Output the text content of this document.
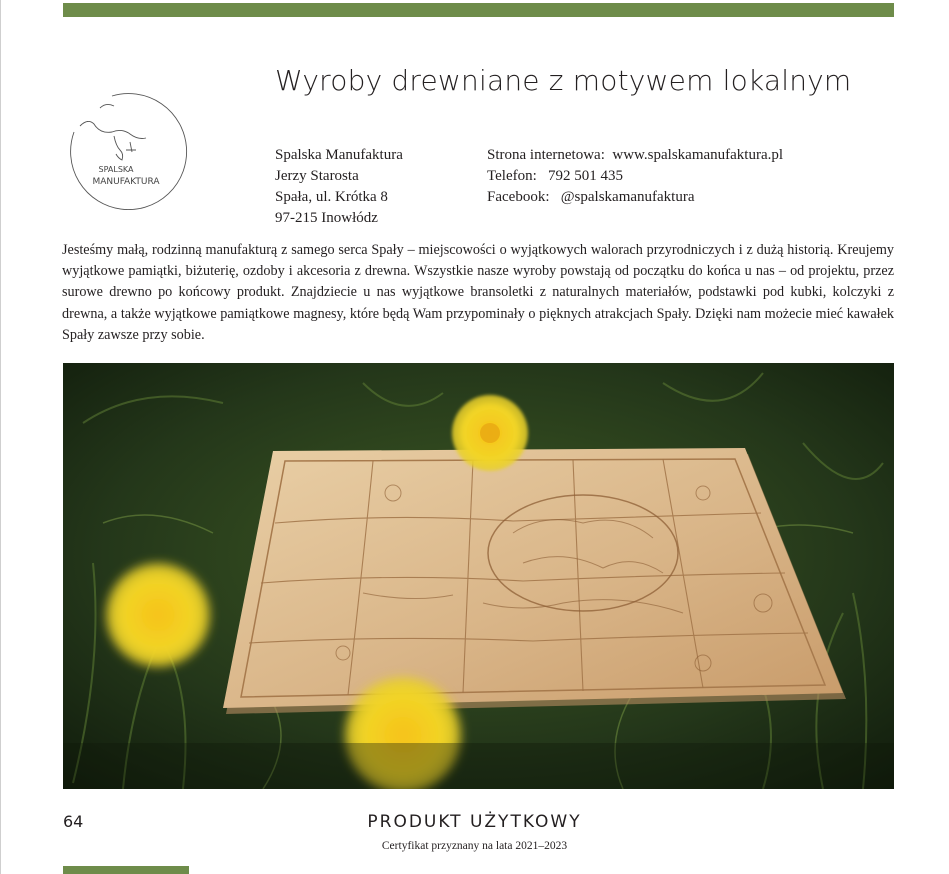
SPALSKA
MANUFAKTURA
Wyroby drewniane z motywem lokalnym
Spalska Manufaktura
Jerzy Starosta
Spała, ul. Krótka 8
97-215 Inowłódz
Strona internetowa: www.spalskamanufaktura.pl
Telefon: 792 501 435
Facebook: @spalskamanufaktura

Jesteśmy małą, rodzinną manufakturą z samego serca Spały – miejscowości o wyjątkowych walorach przyrodniczych i z dużą historią. Kreujemy wyjątkowe pamiątki, biżuterię, ozdoby i akcesoria z drewna. Wszystkie nasze wyroby powstają od początku do końca u nas – od projektu, przez surowe drewno po końcowy produkt. Znajdziecie u nas wyjątkowe bransoletki z naturalnych materiałów, podstawki pod kubki, kolczyki z drewna, a także wyjątkowe pamiątkowe magnesy, które będą Wam przypominały o pięknych atrakcjach Spały. Dzięki nam możecie mieć kawałek Spały zawsze przy sobie.

64	PRODUKT UŻYTKOWY
Certyfikat przyznany na lata 2021–2023
